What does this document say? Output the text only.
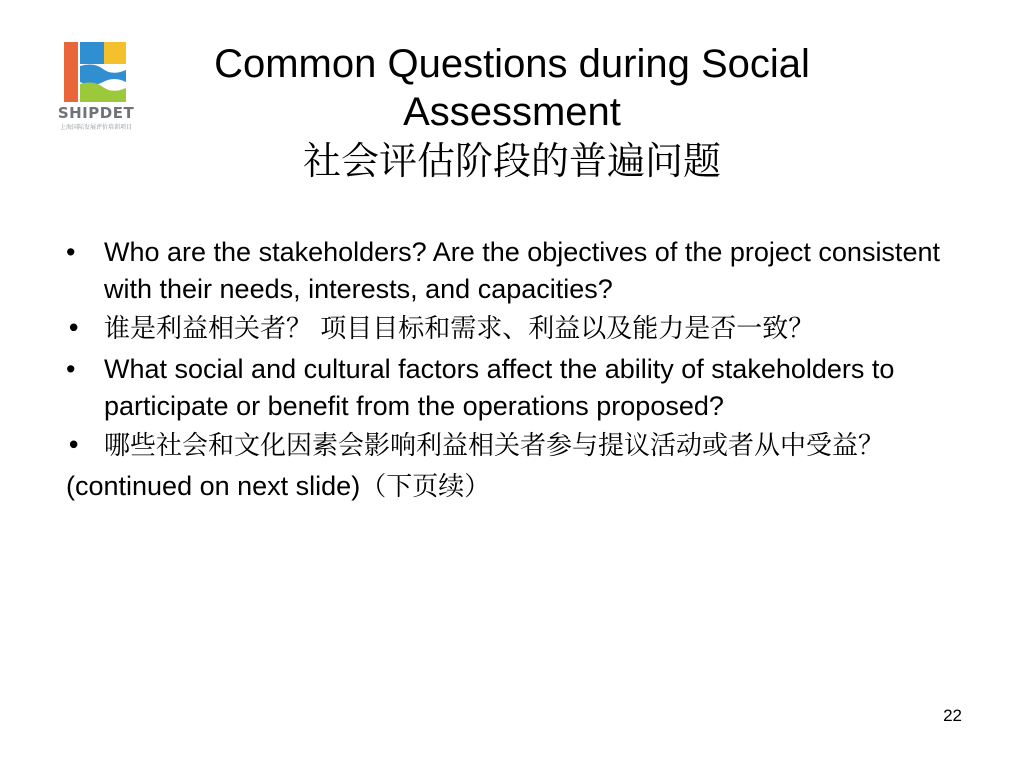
SHIPDET
上海国际发展评价培训项目
Common Questions during Social
Assessment
社会评估阶段的普遍问题
• Who are the stakeholders? Are the objectives of the project consistent with their needs, interests, and capacities?
• 谁是利益相关者？ 项目目标和需求、利益以及能力是否一致？
• What social and cultural factors affect the ability of stakeholders to participate or benefit from the operations proposed?
• 哪些社会和文化因素会影响利益相关者参与提议活动或者从中受益？
(continued on next slide)（下页续）
22
